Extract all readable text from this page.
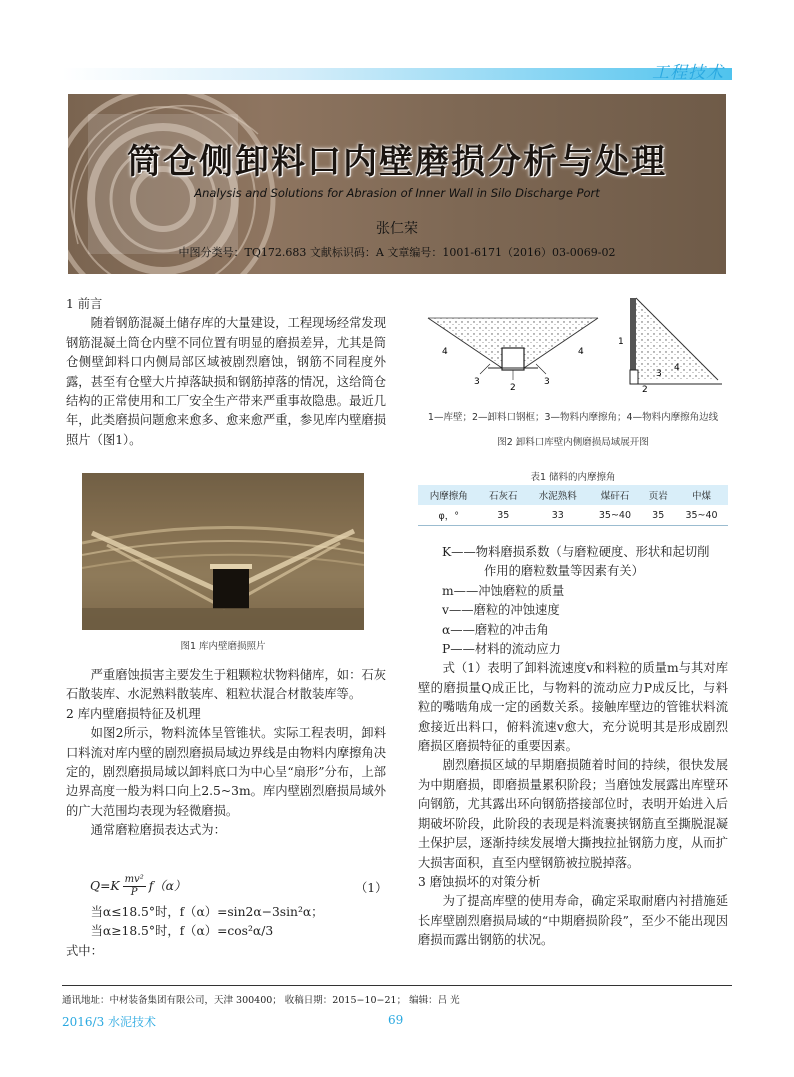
工程技术
筒仓侧卸料口内壁磨损分析与处理
Analysis and Solutions for Abrasion of Inner Wall in Silo Discharge Port
张仁荣
中图分类号：TQ172.683 文献标识码：A 文章编号：1001-6171（2016）03-0069-02

1 前言

随着钢筋混凝土储存库的大量建设，工程现场经常发现钢筋混凝土筒仓内壁不同位置有明显的磨损差异，尤其是筒仓侧壁卸料口内侧局部区域被剧烈磨蚀，钢筋不同程度外露，甚至有仓壁大片掉落缺损和钢筋掉落的情况，这给筒仓结构的正常使用和工厂安全生产带来严重事故隐患。最近几年，此类磨损问题愈来愈多、愈来愈严重，参见库内壁磨损照片（图1）。

图1 库内壁磨损照片

严重磨蚀损害主要发生于粗颗粒状物料储库，如：石灰石散装库、水泥熟料散装库、粗粒状混合材散装库等。

2 库内壁磨损特征及机理

如图2所示，物料流体呈管锥状。实际工程表明，卸料口料流对库内壁的剧烈磨损局域边界线是由物料内摩擦角决定的，剧烈磨损局域以卸料底口为中心呈“扇形”分布，上部边界高度一般为料口向上2.5~3m。库内壁剧烈磨损局域外的广大范围均表现为轻微磨损。

通常磨粒磨损表达式为：

$Q=K \frac{\text{mv²}}{P} f(\alpha)$	（1）

当α≤18.5°时，f（α）=sin2α−3sin²α；

当α≥18.5°时，f（α）=cos²α/3

式中：

4	4
3	3
2
1
2
3
4
1—库壁；2—卸料口钢框；3—物料内摩擦角；4—物料内摩擦角边线
图2 卸料口库壁内侧磨损局域展开图
表1 储料的内摩擦角
内摩擦角	石灰石	水泥熟料	煤矸石	页岩	中煤
φ，°	35	33	35~40	35	35~40

K——物料磨损系数（与磨粒硬度、形状和起切削

作用的磨粒数量等因素有关）

m——冲蚀磨粒的质量

v——磨粒的冲蚀速度

α——磨粒的冲击角

P——材料的流动应力

式（1）表明了卸料流速度v和料粒的质量m与其对库壁的磨损量Q成正比，与物料的流动应力P成反比，与料粒的嘴啮角成一定的函数关系。接触库壁边的管锥状料流愈接近出料口，俯料流速v愈大，充分说明其是形成剧烈磨损区磨损特征的重要因素。

剧烈磨损区域的早期磨损随着时间的持续，很快发展为中期磨损，即磨损量累积阶段；当磨蚀发展露出库壁环向钢筋，尤其露出环向钢筋搭接部位时，表明开始进入后期破坏阶段，此阶段的表现是料流裹挟钢筋直至撕脱混凝土保护层，逐渐持续发展增大撕拽拉扯钢筋力度，从而扩大损害面积，直至内壁钢筋被拉脱掉落。

3 磨蚀损坏的对策分析

为了提高库壁的使用寿命，确定采取耐磨内衬措施延长库壁剧烈磨损局域的“中期磨损阶段”，至少不能出现因磨损而露出钢筋的状况。

通讯地址：中材装备集团有限公司，天津 300400； 收稿日期：2015−10−21； 编辑：吕 光
2016/3 水泥技术	69
